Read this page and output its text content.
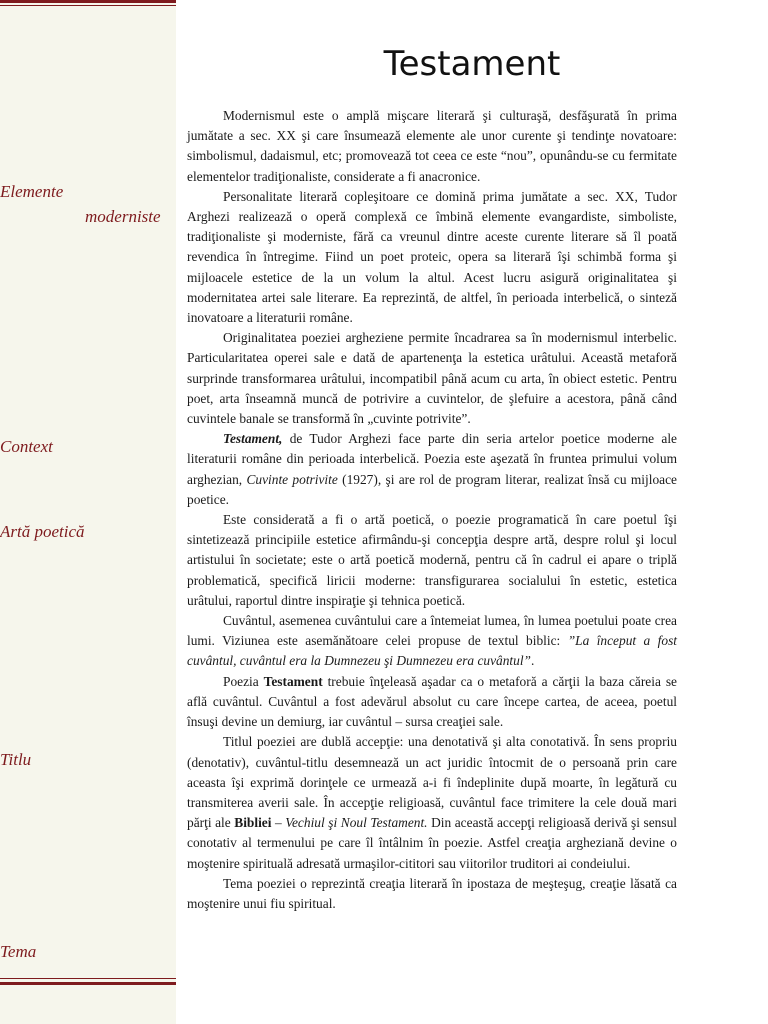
Elemente
moderniste
Context
Artă poetică
Titlu
Tema
Testament

Modernismul este o amplă mişcare literară şi culturaşă, desfăşurată în prima jumătate a sec. XX şi care însumează elemente ale unor curente şi tendinţe novatoare: simbolismul, dadaismul, etc; promovează tot ceea ce este “nou”, opunându-se cu fermitate elementelor tradiţionaliste, considerate a fi anacronice.

Personalitate literară copleşitoare ce domină prima jumătate a sec. XX, Tudor Arghezi realizează o operă complexă ce îmbină elemente evangardiste, simboliste, tradiţionaliste şi moderniste, fără ca vreunul dintre aceste curente literare să îl poată revendica în întregime. Fiind un poet proteic, opera sa literară îşi schimbă forma şi mijloacele estetice de la un volum la altul. Acest lucru asigură originalitatea şi modernitatea artei sale literare. Ea reprezintă, de altfel, în perioada interbelică, o sinteză inovatoare a literaturii române.

Originalitatea poeziei argheziene permite încadrarea sa în modernismul interbelic. Particularitatea operei sale e dată de apartenenţa la estetica urâtului. Această metaforă surprinde transformarea urâtului, incompatibil până acum cu arta, în obiect estetic. Pentru poet, arta înseamnă muncă de potrivire a cuvintelor, de şlefuire a acestora, până când cuvintele banale se transformă în „cuvinte potrivite”.

Testament, de Tudor Arghezi face parte din seria artelor poetice moderne ale literaturii române din perioada interbelică. Poezia este aşezată în fruntea primului volum arghezian, Cuvinte potrivite (1927), şi are rol de program literar, realizat însă cu mijloace poetice.

Este considerată a fi o artă poetică, o poezie programatică în care poetul îşi sintetizează principiile estetice afirmându-şi concepţia despre artă, despre rolul şi locul artistului în societate; este o artă poetică modernă, pentru că în cadrul ei apare o triplă problematică, specifică liricii moderne: transfigurarea socialului în estetic, estetica urâtului, raportul dintre inspiraţie şi tehnica poetică.

Cuvântul, asemenea cuvântului care a întemeiat lumea, în lumea poetului poate crea lumi. Viziunea este asemănătoare celei propuse de textul biblic: ”La început a fost cuvântul, cuvântul era la Dumnezeu şi Dumnezeu era cuvântul”.

Poezia Testament trebuie înţeleasă aşadar ca o metaforă a cărţii la baza căreia se află cuvântul. Cuvântul a fost adevărul absolut cu care începe cartea, de aceea, poetul însuşi devine un demiurg, iar cuvântul – sursa creaţiei sale.

Titlul poeziei are dublă accepţie: una denotativă şi alta conotativă. În sens propriu (denotativ), cuvântul-titlu desemnează un act juridic întocmit de o persoană prin care aceasta îşi exprimă dorinţele ce urmează a-i fi îndeplinite după moarte, în legătură cu transmiterea averii sale. În accepţie religioasă, cuvântul face trimitere la cele două mari părţi ale Bibliei – Vechiul şi Noul Testament. Din această accepţi religioasă derivă şi sensul conotativ al termenului pe care îl întâlnim în poezie. Astfel creaţia argheziană devine o moştenire spirituală adresată urmaşilor-cititori sau viitorilor truditori ai condeiului.

Tema poeziei o reprezintă creaţia literară în ipostaza de meşteşug, creaţie lăsată ca moştenire unui fiu spiritual.
